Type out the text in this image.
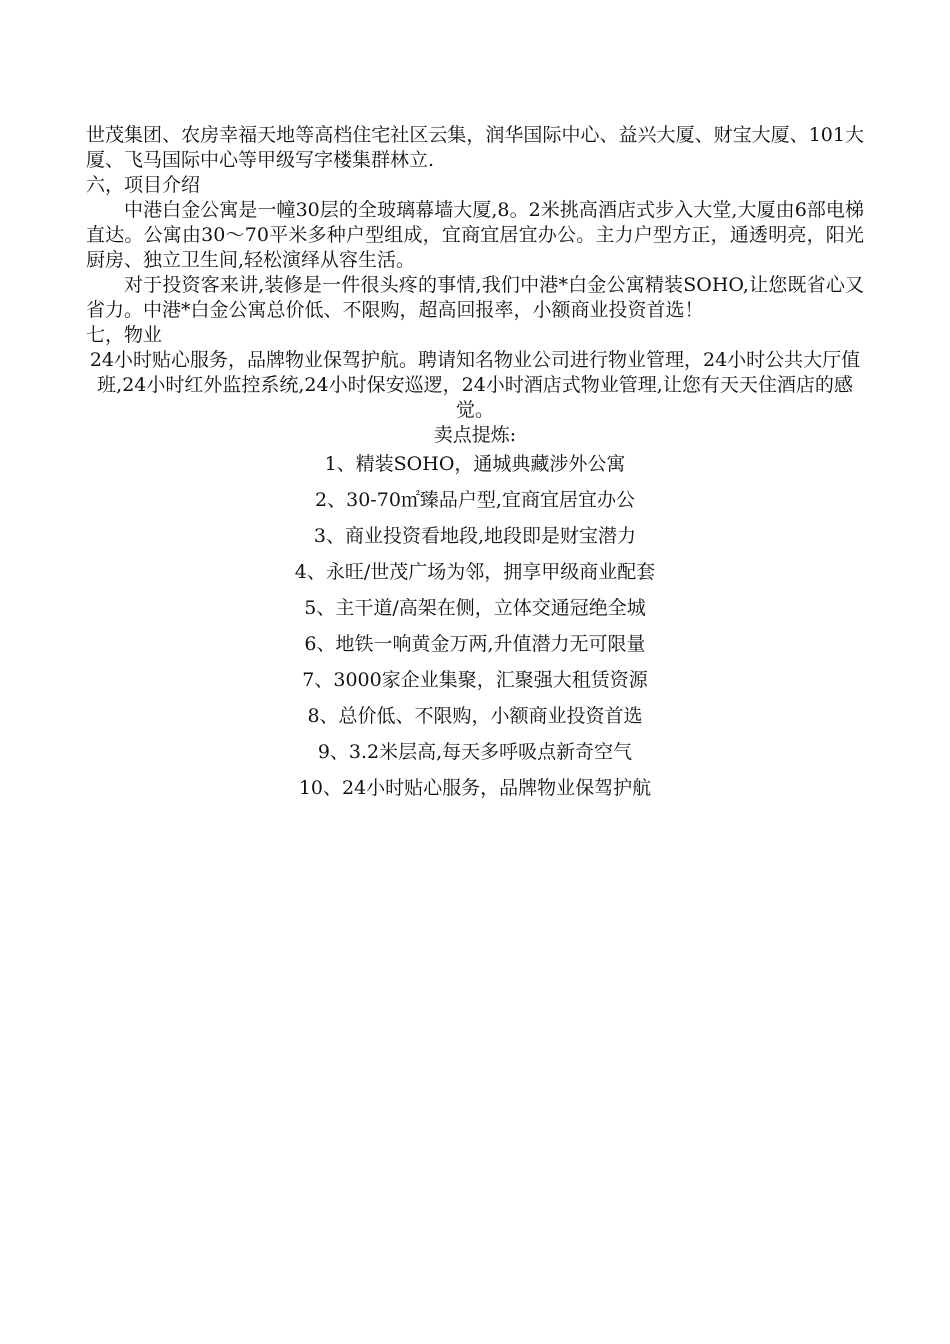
世茂集团、农房幸福天地等高档住宅社区云集，润华国际中心、益兴大厦、财宝大厦、101大厦、飞马国际中心等甲级写字楼集群林立.

六，项目介绍

中港白金公寓是一幢30层的全玻璃幕墙大厦,8。2米挑高酒店式步入大堂,大厦由6部电梯直达。公寓由30～70平米多种户型组成，宜商宜居宜办公。主力户型方正，通透明亮，阳光厨房、独立卫生间,轻松演绎从容生活。

对于投资客来讲,装修是一件很头疼的事情,我们中港*白金公寓精装SOHO,让您既省心又省力。中港*白金公寓总价低、不限购，超高回报率，小额商业投资首选！

七，物业

24小时贴心服务，品牌物业保驾护航。聘请知名物业公司进行物业管理，24小时公共大厅值班,24小时红外监控系统,24小时保安巡逻，24小时酒店式物业管理,让您有天天住酒店的感觉。

卖点提炼:

1、精装SOHO，通城典藏涉外公寓
2、30-70㎡臻品户型,宜商宜居宜办公
3、商业投资看地段,地段即是财宝潜力
4、永旺/世茂广场为邻，拥享甲级商业配套
5、主干道/高架在侧，立体交通冠绝全城
6、地铁一响黄金万两,升值潜力无可限量
7、3000家企业集聚，汇聚强大租赁资源
8、总价低、不限购，小额商业投资首选
9、3.2米层高,每天多呼吸点新奇空气
10、24小时贴心服务，品牌物业保驾护航
